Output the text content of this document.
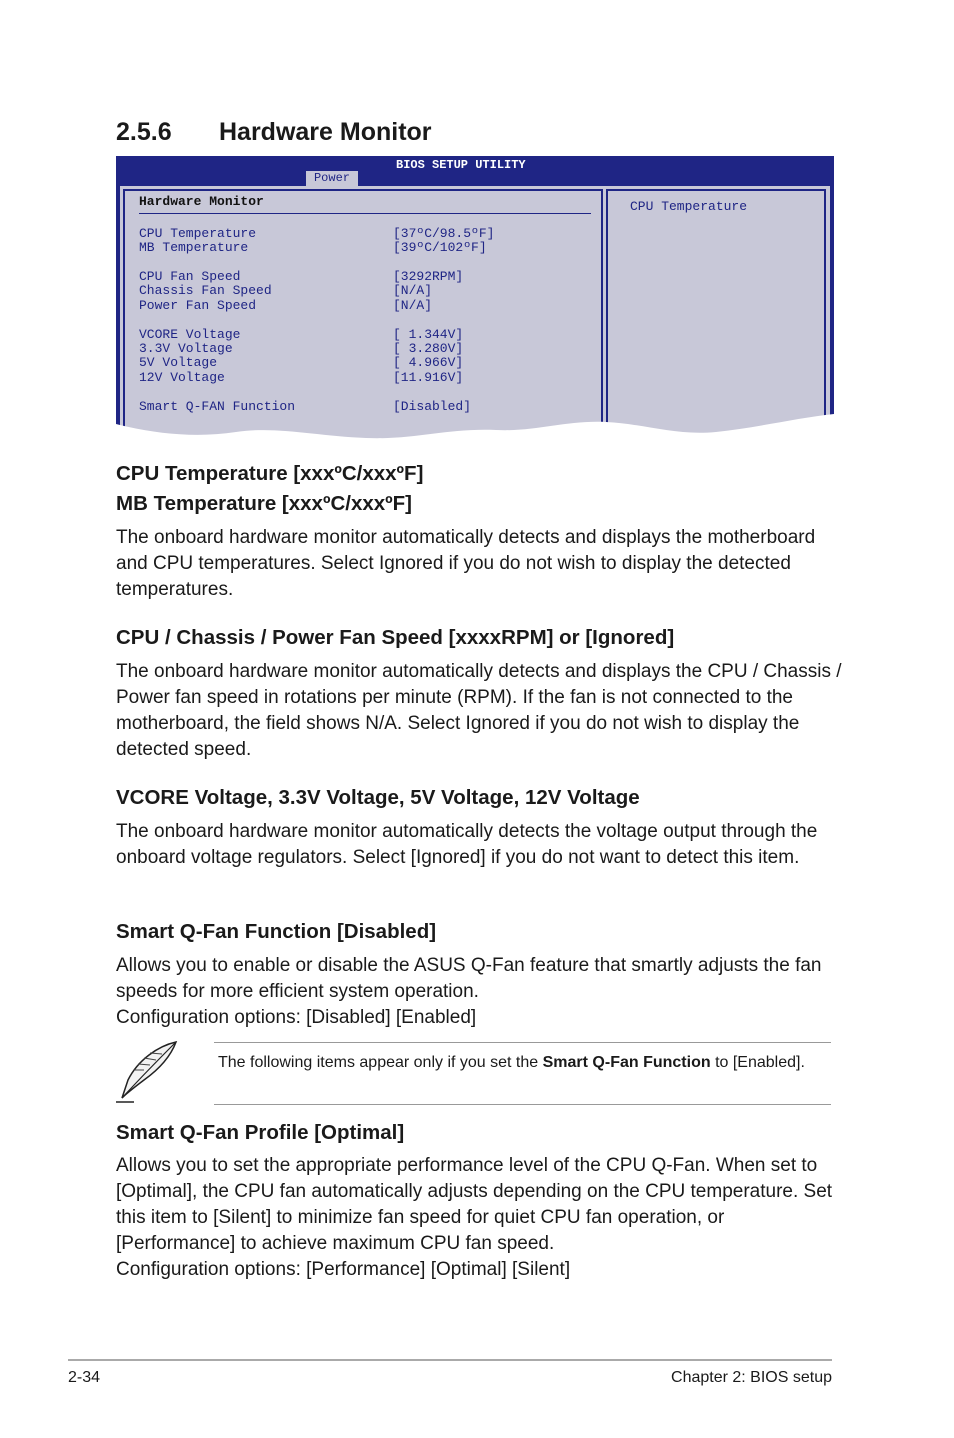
2.5.6 Hardware Monitor
BIOS SETUP UTILITY
Power
Hardware Monitor
CPU Temperature	[37ºC/98.5ºF]
MB Temperature	[39ºC/102ºF]
CPU Fan Speed	[3292RPM]
Chassis Fan Speed	[N/A]
Power Fan Speed	[N/A]
VCORE Voltage	[ 1.344V]
3.3V Voltage	[ 3.280V]
5V Voltage	[ 4.966V]
12V Voltage	[11.916V]
Smart Q-FAN Function	[Disabled]
CPU Temperature
CPU Temperature [xxxºC/xxxºF]
MB Temperature [xxxºC/xxxºF]

The onboard hardware monitor automatically detects and displays the motherboard and CPU temperatures. Select Ignored if you do not wish to display the detected temperatures.

CPU / Chassis / Power Fan Speed [xxxxRPM] or [Ignored]

The onboard hardware monitor automatically detects and displays the CPU / Chassis / Power fan speed in rotations per minute (RPM). If the fan is not connected to the motherboard, the field shows N/A. Select Ignored if you do not wish to display the detected speed.

VCORE Voltage, 3.3V Voltage, 5V Voltage, 12V Voltage

The onboard hardware monitor automatically detects the voltage output through the onboard voltage regulators. Select [Ignored] if you do not want to detect this item.

Smart Q-Fan Function [Disabled]

Allows you to enable or disable the ASUS Q-Fan feature that smartly adjusts the fan speeds for more efficient system operation.

Configuration options: [Disabled] [Enabled]

The following items appear only if you set the Smart Q-Fan Function to [Enabled].
Smart Q-Fan Profile [Optimal]

Allows you to set the appropriate performance level of the CPU Q-Fan. When set to [Optimal], the CPU fan automatically adjusts depending on the CPU temperature. Set this item to [Silent] to minimize fan speed for quiet CPU fan operation, or [Performance] to achieve maximum CPU fan speed.

Configuration options: [Performance] [Optimal] [Silent]

2-34	Chapter 2: BIOS setup
